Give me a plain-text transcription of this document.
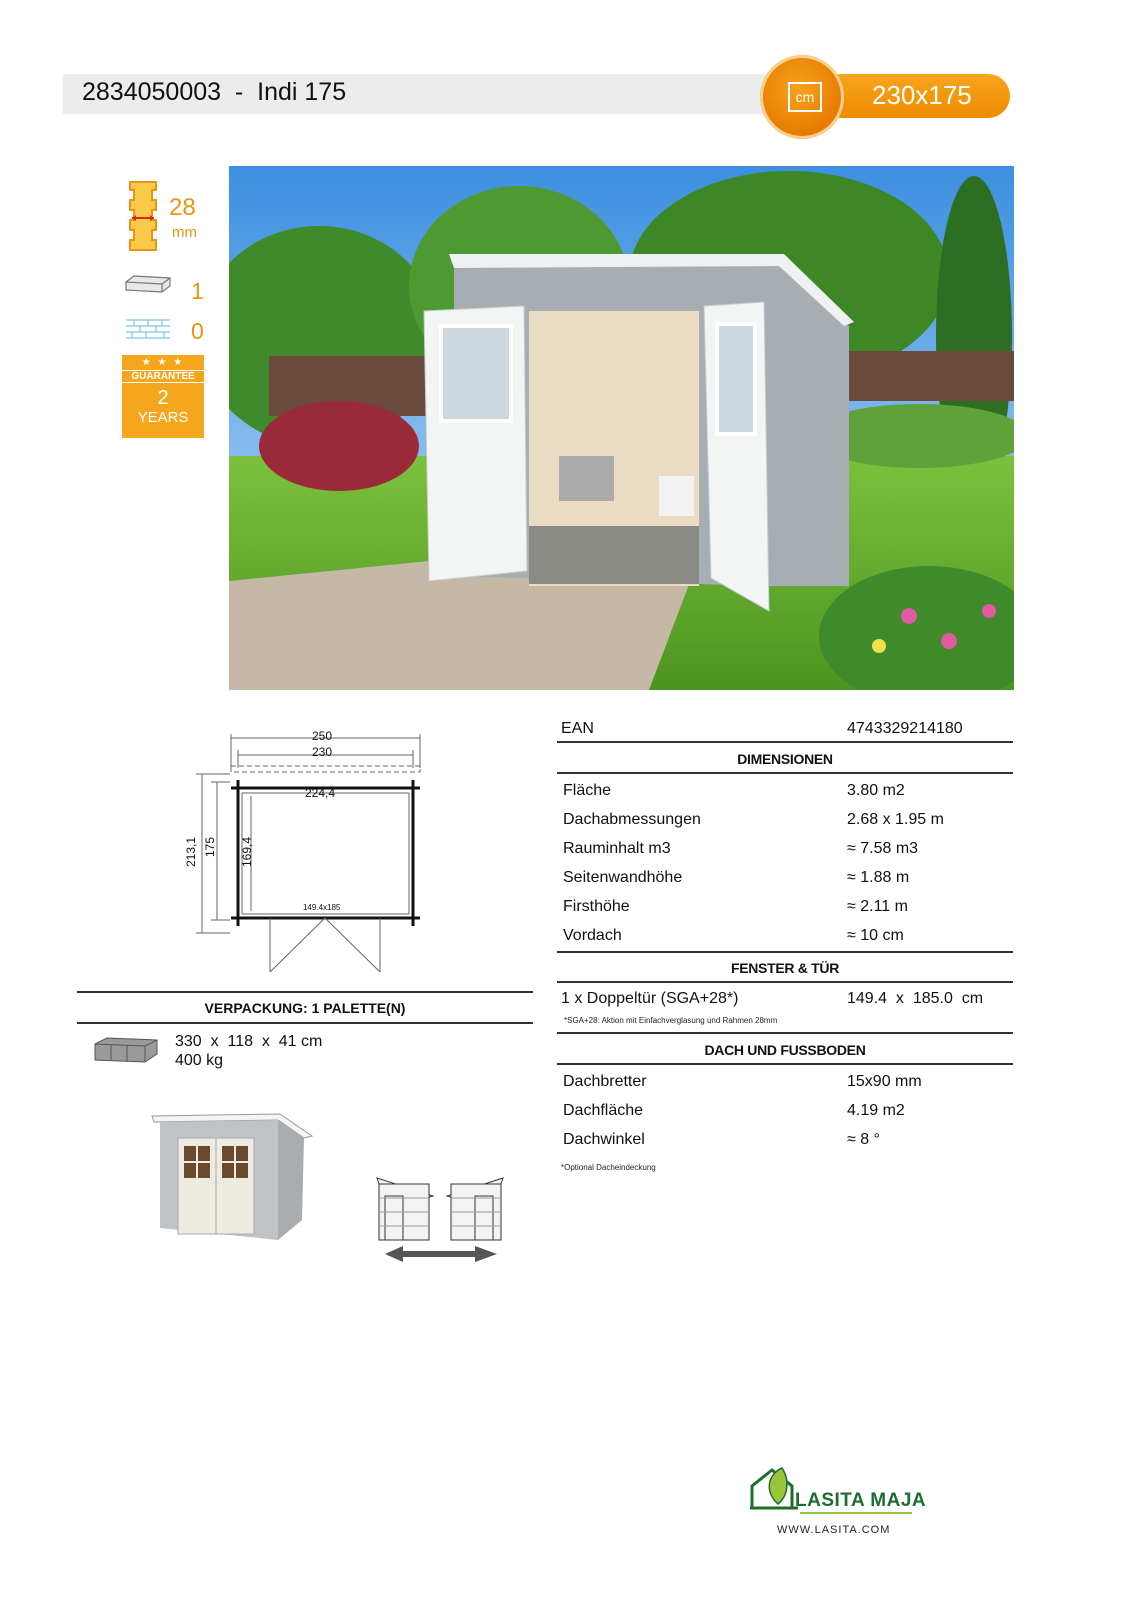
2834050003  -  Indi 175	230x175
cm
28
mm
1
0
★ ★ ★
GUARANTEE
2
YEARS
250
230
224,4
213,1 175 169,4
149.4x185
VERPACKUNG: 1 PALETTE(N)
330  x  118  x  41 cm
400 kg
EAN	4743329214180
DIMENSIONEN
Fläche	3.80 m2
Dachabmessungen	2.68 x 1.95 m
Rauminhalt m3	≈ 7.58 m3
Seitenwandhöhe	≈ 1.88 m
Firsthöhe	≈ 2.11 m
Vordach	≈ 10 cm
FENSTER & TÜR
1 x Doppeltür (SGA+28*)	149.4  x  185.0  cm
*SGA+28: Aktion mit Einfachverglasung und Rahmen 28mm
DACH UND FUSSBODEN
Dachbretter	15x90 mm
Dachfläche	4.19 m2
Dachwinkel	≈ 8 °
*Optional Dacheindeckung
LASITA MAJA
WWW.LASITA.COM
